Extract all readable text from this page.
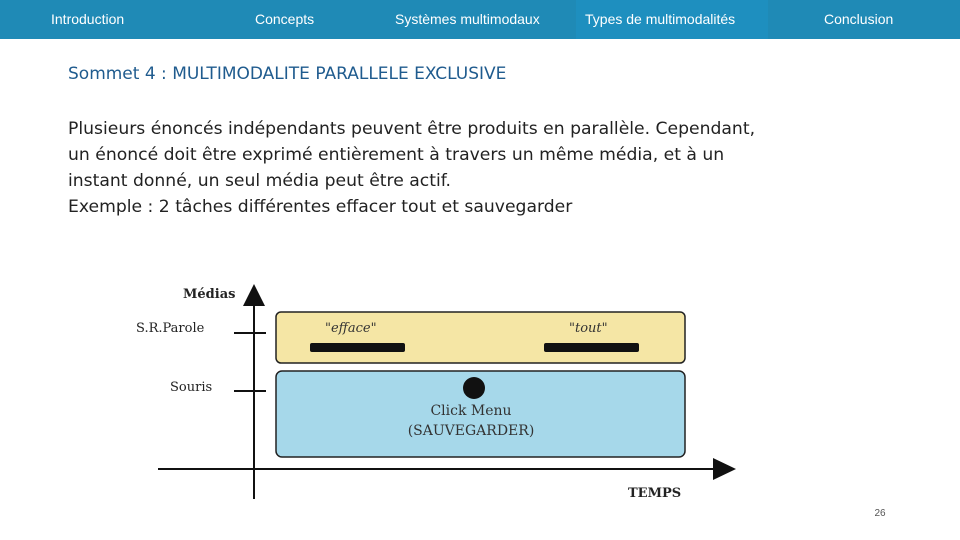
Introduction	Concepts	Systèmes multimodaux	Types de multimodalités	Conclusion
Sommet 4 : MULTIMODALITE PARALLELE EXCLUSIVE

Plusieurs énoncés indépendants peuvent être produits en parallèle. Cependant,

un énoncé doit être exprimé entièrement à travers un même média, et à un

instant donné, un seul média peut être actif.

Exemple : 2 tâches différentes effacer tout et sauvegarder

Médias
TEMPS
S.R.Parole
Souris
"efface"	"tout"
Click Menu
(SAUVEGARDER)
26
